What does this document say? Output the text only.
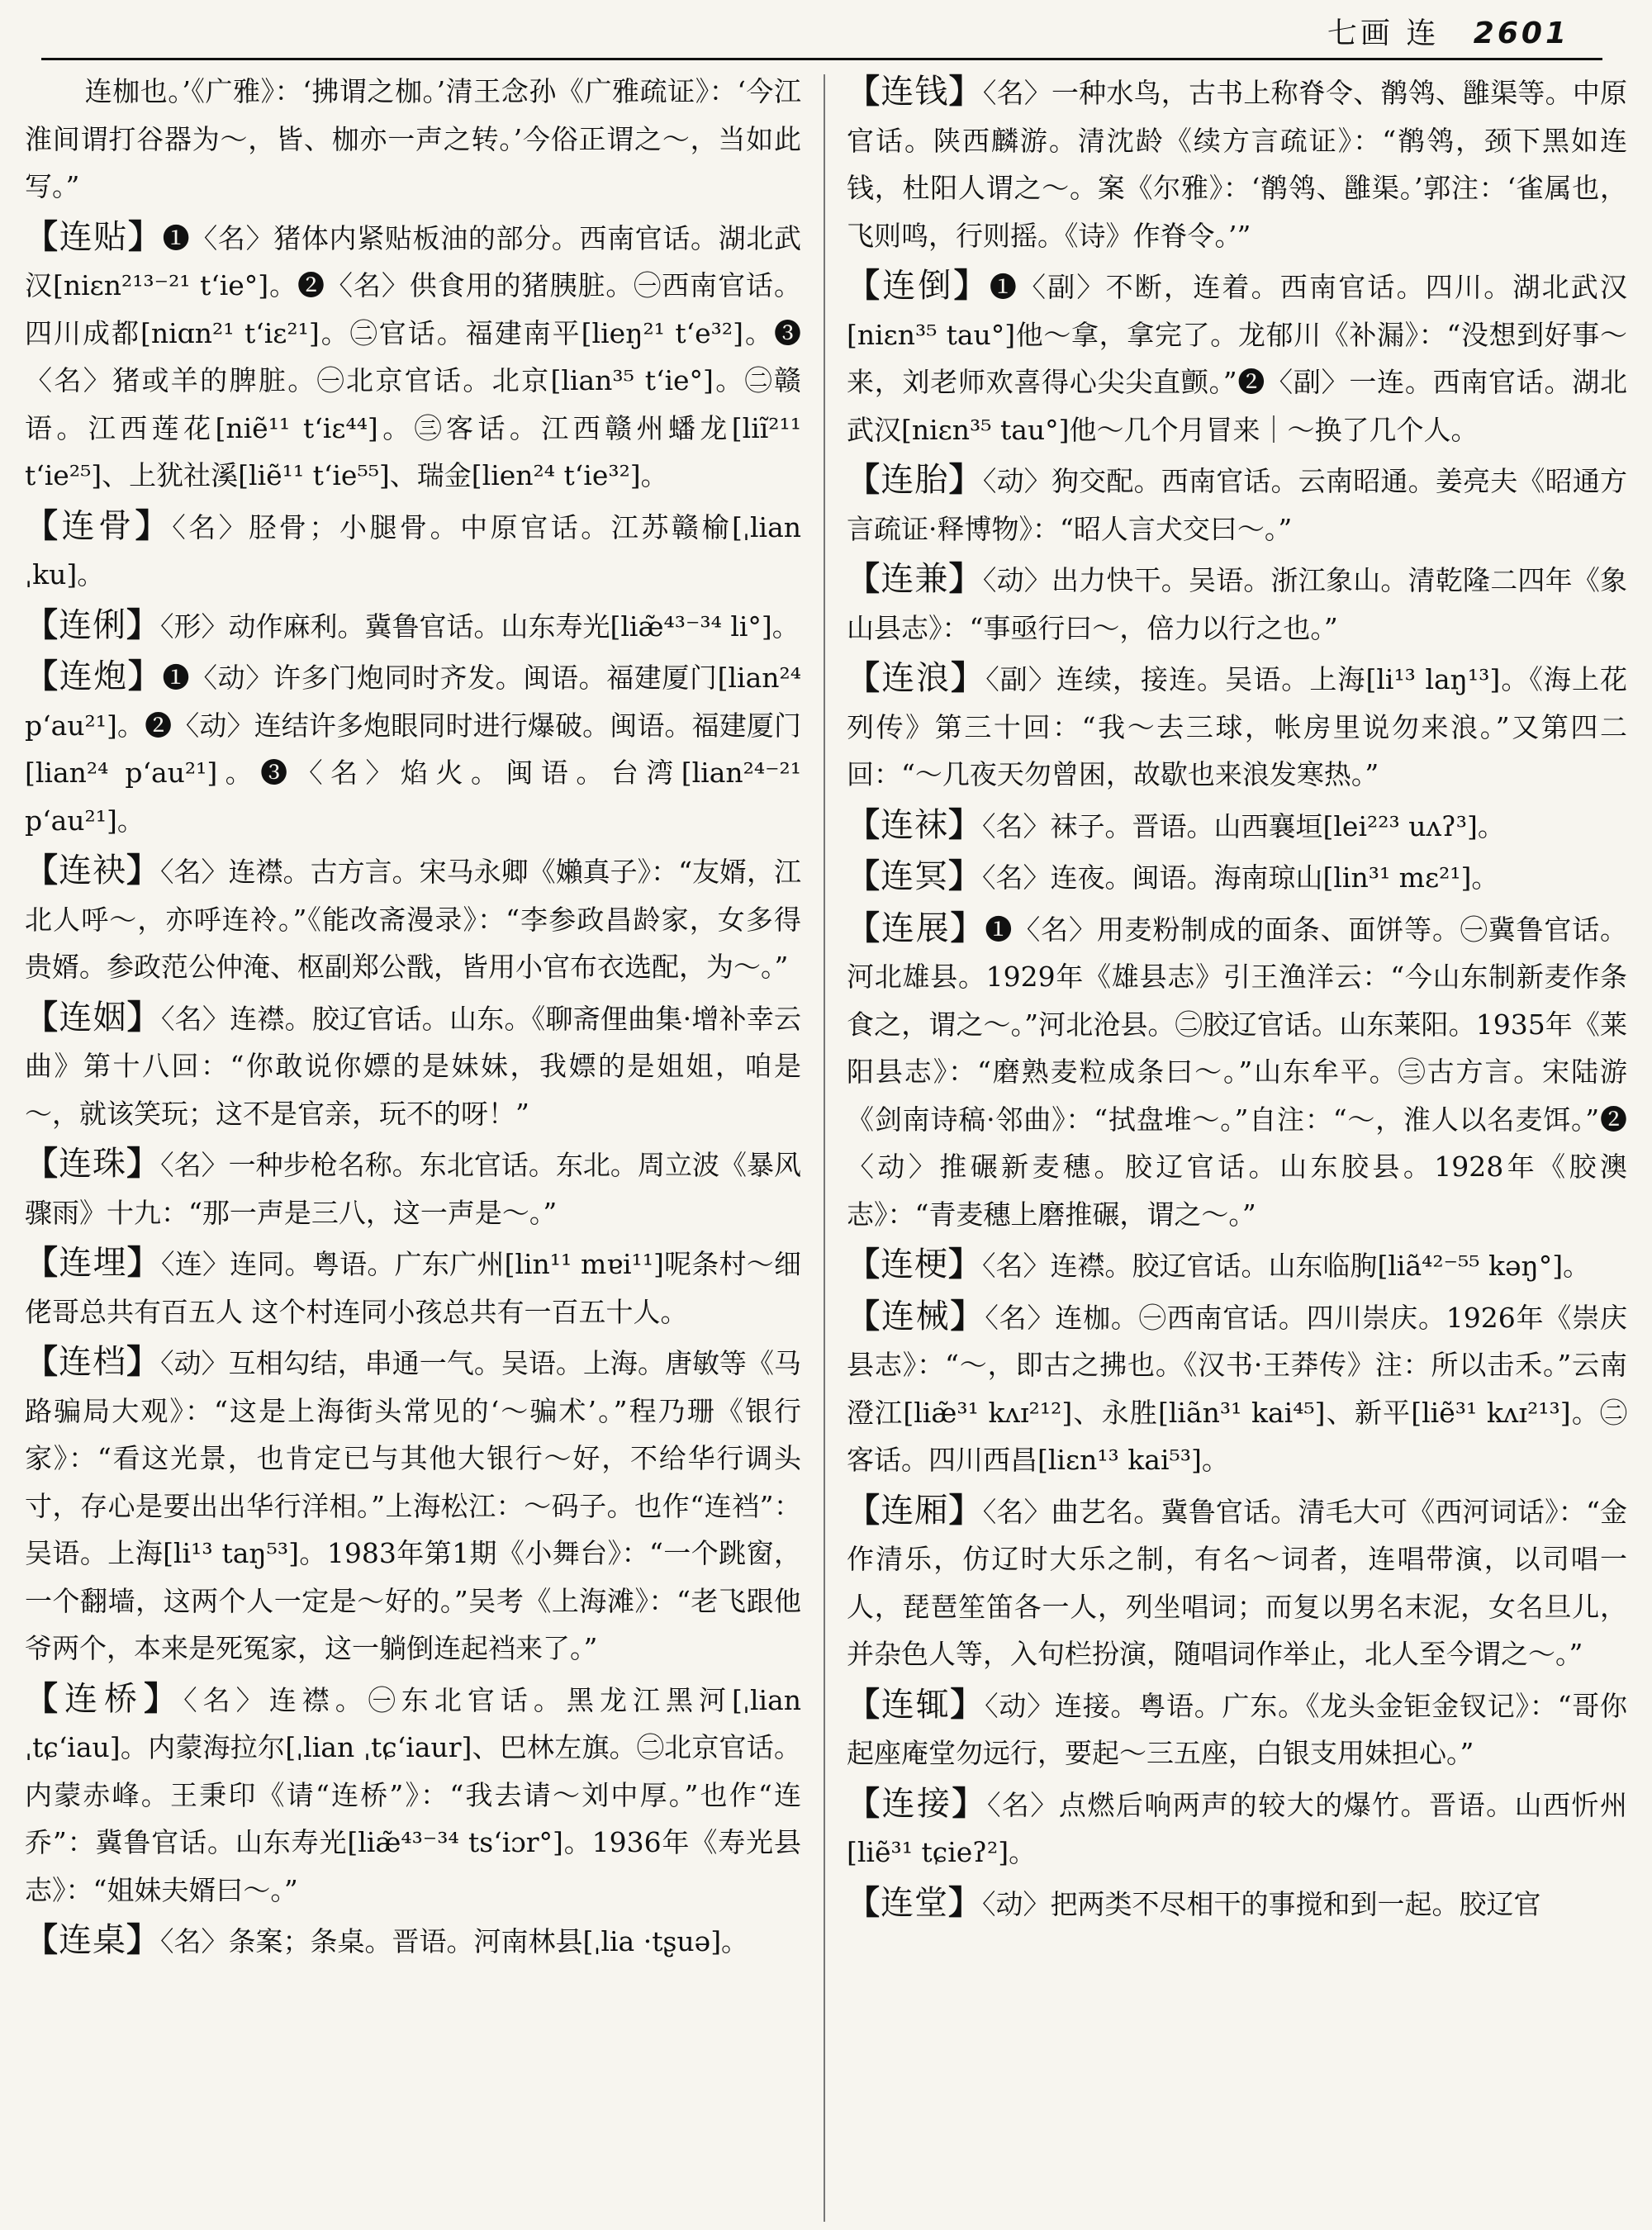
七画 连 2601

连枷也。’《广雅》：‘拂谓之枷。’清王念孙《广雅疏证》：‘今江淮间谓打谷器为～，皆、枷亦一声之转。’今俗正谓之～，当如此写。”

【连贴】❶〈名〉猪体内紧贴板油的部分。西南官话。湖北武汉[niɛn²¹³⁻²¹ tʻie°]。❷〈名〉供食用的猪胰脏。㊀西南官话。四川成都[niɑn²¹ tʻiɛ²¹]。㊁官话。福建南平[lieŋ²¹ tʻe³²]。❸〈名〉猪或羊的脾脏。㊀北京官话。北京[lian³⁵ tʻie°]。㊁赣语。江西莲花[niẽ¹¹ tʻiɛ⁴⁴]。㊂客话。江西赣州蟠龙[liĩ²¹¹ tʻie²⁵]、上犹社溪[liẽ¹¹ tʻie⁵⁵]、瑞金[lien²⁴ tʻie³²]。

【连骨】〈名〉胫骨；小腿骨。中原官话。江苏赣榆[ˌlian ˌku]。

【连俐】〈形〉动作麻利。冀鲁官话。山东寿光[liæ̃⁴³⁻³⁴ li°]。

【连炮】❶〈动〉许多门炮同时齐发。闽语。福建厦门[lian²⁴ pʻau²¹]。❷〈动〉连结许多炮眼同时进行爆破。闽语。福建厦门[lian²⁴ pʻau²¹]。❸〈名〉焰火。闽语。台湾[lian²⁴⁻²¹ pʻau²¹]。

【连袂】〈名〉连襟。古方言。宋马永卿《嬾真子》：“友婿，江北人呼～，亦呼连袊。”《能改斋漫录》：“李参政昌龄家，女多得贵婿。参政范公仲淹、枢副郑公戬，皆用小官布衣选配，为～。”

【连姻】〈名〉连襟。胶辽官话。山东。《聊斋俚曲集·增补幸云曲》第十八回：“你敢说你嫖的是妹妹，我嫖的是姐姐，咱是～，就该笑玩；这不是官亲，玩不的呀！”

【连珠】〈名〉一种步枪名称。东北官话。东北。周立波《暴风骤雨》十九：“那一声是三八，这一声是～。”

【连埋】〈连〉连同。粤语。广东广州[lin¹¹ mɐi¹¹]呢条村～细佬哥总共有百五人 这个村连同小孩总共有一百五十人。

【连档】〈动〉互相勾结，串通一气。吴语。上海。唐敏等《马路骗局大观》：“这是上海街头常见的‘～骗术’。”程乃珊《银行家》：“看这光景，也肯定已与其他大银行～好，不给华行调头寸，存心是要出出华行洋相。”上海松江：～码子。也作“连裆”：吴语。上海[li¹³ taŋ⁵³]。1983年第1期《小舞台》：“一个跳窗，一个翻墙，这两个人一定是～好的。”吴考《上海滩》：“老飞跟他爷两个，本来是死冤家，这一躺倒连起裆来了。”

【连桥】〈名〉连襟。㊀东北官话。黑龙江黑河[ˌlian ˌtɕʻiau]。内蒙海拉尔[ˌlian ˌtɕʻiaur]、巴林左旗。㊁北京官话。内蒙赤峰。王秉印《请“连桥”》：“我去请～刘中厚。”也作“连乔”：冀鲁官话。山东寿光[liæ̃⁴³⁻³⁴ tsʻiɔr°]。1936年《寿光县志》：“姐妹夫婿曰～。”

【连桌】〈名〉条案；条桌。晋语。河南林县[ˌlia ·tʂuə]。

【连钱】〈名〉一种水鸟，古书上称脊令、鹡鸰、雝渠等。中原官话。陕西麟游。清沈龄《续方言疏证》：“鹡鸰，颈下黑如连钱，杜阳人谓之～。案《尔雅》：‘鹡鸰、雝渠。’郭注：‘雀属也，飞则鸣，行则摇。《诗》作脊令。’”

【连倒】❶〈副〉不断，连着。西南官话。四川。湖北武汉[niɛn³⁵ tau°]他～拿，拿完了。龙郁川《补漏》：“没想到好事～来，刘老师欢喜得心尖尖直颤。”❷〈副〉一连。西南官话。湖北武汉[niɛn³⁵ tau°]他～几个月冒来｜～换了几个人。

【连胎】〈动〉狗交配。西南官话。云南昭通。姜亮夫《昭通方言疏证·释博物》：“昭人言犬交曰～。”

【连兼】〈动〉出力快干。吴语。浙江象山。清乾隆二四年《象山县志》：“事亟行曰～，倍力以行之也。”

【连浪】〈副〉连续，接连。吴语。上海[li¹³ laŋ¹³]。《海上花列传》第三十回：“我～去三球，帐房里说勿来浪。”又第四二回：“～几夜天勿曾困，故歇也来浪发寒热。”

【连袜】〈名〉袜子。晋语。山西襄垣[lei²²³ uʌʔ³]。

【连冥】〈名〉连夜。闽语。海南琼山[lin³¹ mɛ²¹]。

【连展】❶〈名〉用麦粉制成的面条、面饼等。㊀冀鲁官话。河北雄县。1929年《雄县志》引王渔洋云：“今山东制新麦作条食之，谓之～。”河北沧县。㊁胶辽官话。山东莱阳。1935年《莱阳县志》：“磨熟麦粒成条曰～。”山东牟平。㊂古方言。宋陆游《剑南诗稿·邻曲》：“拭盘堆～。”自注：“～，淮人以名麦饵。”❷〈动〉推碾新麦穗。胶辽官话。山东胶县。1928年《胶澳志》：“青麦穗上磨推碾，谓之～。”

【连梗】〈名〉连襟。胶辽官话。山东临朐[liã⁴²⁻⁵⁵ kəŋ°]。

【连械】〈名〉连枷。㊀西南官话。四川崇庆。1926年《崇庆县志》：“～，即古之拂也。《汉书·王莽传》注：所以击禾。”云南澄江[liæ̃³¹ kʌɪ²¹²]、永胜[liãn³¹ kai⁴⁵]、新平[liẽ³¹ kʌɪ²¹³]。㊁客话。四川西昌[liɛn¹³ kai⁵³]。

【连厢】〈名〉曲艺名。冀鲁官话。清毛大可《西河词话》：“金作清乐，仿辽时大乐之制，有名～词者，连唱带演，以司唱一人，琵琶笙笛各一人，列坐唱词；而复以男名末泥，女名旦儿，并杂色人等，入句栏扮演，随唱词作举止，北人至今谓之～。”

【连辄】〈动〉连接。粤语。广东。《龙头金钜金钗记》：“哥你起座庵堂勿远行，要起～三五座，白银支用妹担心。”

【连接】〈名〉点燃后响两声的较大的爆竹。晋语。山西忻州[liẽ³¹ tɕieʔ²]。

【连堂】〈动〉把两类不尽相干的事搅和到一起。胶辽官
